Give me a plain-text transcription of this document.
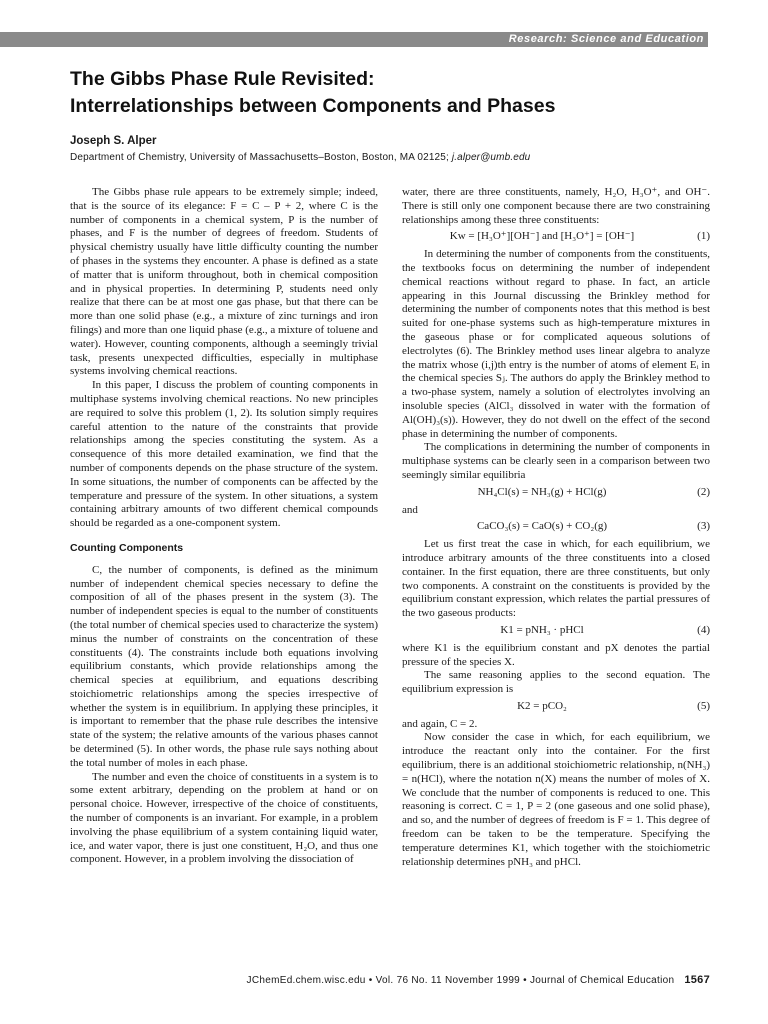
Research: Science and Education
The Gibbs Phase Rule Revisited:
Interrelationships between Components and Phases

Joseph S. Alper

Department of Chemistry, University of Massachusetts–Boston, Boston, MA 02125; j.alper@umb.edu

The Gibbs phase rule appears to be extremely simple; indeed, that is the source of its elegance: F = C – P + 2, where C is the number of components in a chemical system, P is the number of phases, and F is the number of degrees of freedom. Students of physical chemistry usually have little difficulty counting the number of phases in the systems they encounter. A phase is defined as a state of matter that is uniform throughout, both in chemical composition and in physical properties. In determining P, students need only realize that there can be at most one gas phase, but that there can be more than one solid phase (e.g., a mixture of zinc turnings and iron filings) and more than one liquid phase (e.g., a mixture of toluene and water). However, counting components, although a seemingly trivial task, presents unexpected difficulties, especially in multiphase systems involving chemical reactions.

In this paper, I discuss the problem of counting components in multiphase systems involving chemical reactions. No new principles are required to solve this problem (1, 2). Its solution simply requires careful attention to the nature of the constraints that provide relationships among the species constituting the system. As a consequence of this more detailed examination, we find that the number of components depends on the phase structure of the system. In some situations, the number of components can be affected by the temperature and pressure of the system. In other situations, a system containing arbitrary amounts of two different chemical compounds should be regarded as a one-component system.

Counting Components

C, the number of components, is defined as the minimum number of independent chemical species necessary to define the composition of all of the phases present in the system (3). The number of independent species is equal to the number of constituents (the total number of chemical species used to characterize the system) minus the number of constraints on the concentration of these constituents (4). The constraints include both equations involving equilibrium constants, which provide relationships among the chemical species at equilibrium, and equations describing stoichiometric relationships among the species irrespective of whether the system is in equilibrium. In applying these principles, it is important to remember that the phase rule describes the intensive state of the system; the relative amounts of the various phases cannot be determined (5). In other words, the phase rule says nothing about the total number of moles in each phase.

The number and even the choice of constituents in a system is to some extent arbitrary, depending on the problem at hand or on personal choice. However, irrespective of the choice of constituents, the number of components is an invariant. For example, in a problem involving the phase equilibrium of a system containing liquid water, ice, and water vapor, there is just one constituent, H₂O, and thus one component. However, in a problem involving the dissociation of

water, there are three constituents, namely, H₂O, H₃O⁺, and OH⁻. There is still only one component because there are two constraining relationships among these three constituents:

Kw = [H₃O⁺][OH⁻] and [H₃O⁺] = [OH⁻]	(1)

In determining the number of components from the constituents, the textbooks focus on determining the number of independent chemical reactions without regard to phase. In fact, an article appearing in this Journal discussing the Brinkley method for determining the number of components notes that this method is best suited for one-phase systems such as high-temperature mixtures in the gaseous phase or for complicated aqueous solutions of electrolytes (6). The Brinkley method uses linear algebra to analyze the matrix whose (i,j)th entry is the number of atoms of element Eᵢ in the chemical species Sⱼ. The authors do apply the Brinkley method to a two-phase system, namely a solution of electrolytes involving an insoluble species (AlCl₃ dissolved in water with the formation of Al(OH)₃(s)). However, they do not dwell on the effect of the second phase in determining the number of components.

The complications in determining the number of components in multiphase systems can be clearly seen in a comparison between two seemingly similar equilibria

NH₄Cl(s) = NH₃(g) + HCl(g)	(2)

and

CaCO₃(s) = CaO(s) + CO₂(g)	(3)

Let us first treat the case in which, for each equilibrium, we introduce arbitrary amounts of the three constituents into a closed container. In the first equation, there are three constituents, but only two components. A constraint on the constituents is provided by the equilibrium constant expression, which relates the partial pressures of the two gaseous products:

K1 = pNH₃ · pHCl	(4)

where K1 is the equilibrium constant and pX denotes the partial pressure of the species X.

The same reasoning applies to the second equation. The equilibrium expression is

K2 = pCO₂	(5)

and again, C = 2.

Now consider the case in which, for each equilibrium, we introduce the reactant only into the container. For the first equilibrium, there is an additional stoichiometric relationship, n(NH₃) = n(HCl), where the notation n(X) means the number of moles of X. We conclude that the number of components is reduced to one. This reasoning is correct. C = 1, P = 2 (one gaseous and one solid phase), and so, and the number of degrees of freedom is F = 1. This degree of freedom can be taken to be the temperature. Specifying the temperature determines K1, which together with the stoichiometric relationship determines pNH₃ and pHCl.

JChemEd.chem.wisc.edu • Vol. 76 No. 11 November 1999 • Journal of Chemical Education 1567
